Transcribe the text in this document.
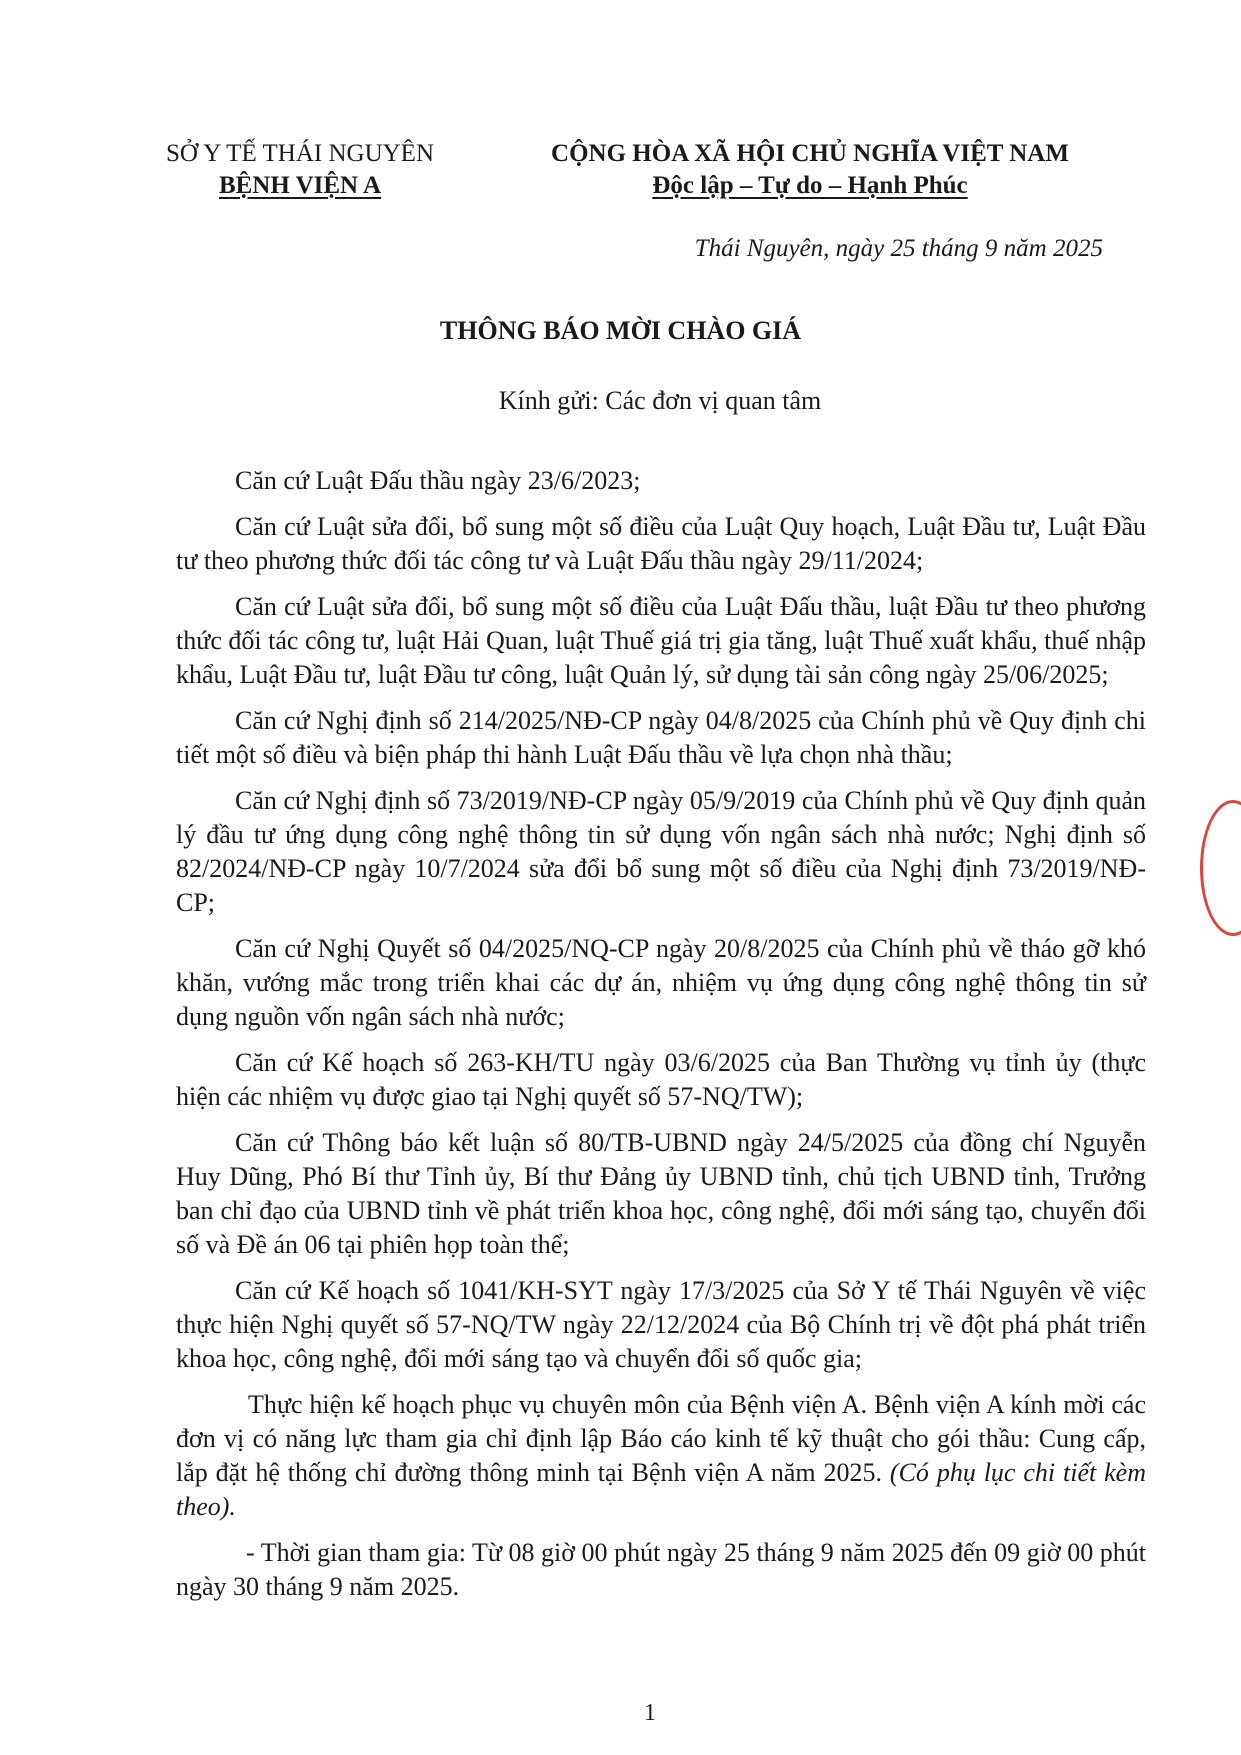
SỞ Y TẾ THÁI NGUYÊN
BỆNH VIỆN A
CỘNG HÒA XÃ HỘI CHỦ NGHĨA VIỆT NAM
Độc lập – Tự do – Hạnh Phúc
Thái Nguyên, ngày 25 tháng 9 năm 2025
THÔNG BÁO MỜI CHÀO GIÁ
Kính gửi: Các đơn vị quan tâm

Căn cứ Luật Đấu thầu ngày 23/6/2023;

Căn cứ Luật sửa đổi, bổ sung một số điều của Luật Quy hoạch, Luật Đầu tư, Luật Đầu tư theo phương thức đối tác công tư và Luật Đấu thầu ngày 29/11/2024;

Căn cứ Luật sửa đổi, bổ sung một số điều của Luật Đấu thầu, luật Đầu tư theo phương thức đối tác công tư, luật Hải Quan, luật Thuế giá trị gia tăng, luật Thuế xuất khẩu, thuế nhập khẩu, Luật Đầu tư, luật Đầu tư công, luật Quản lý, sử dụng tài sản công ngày 25/06/2025;

Căn cứ Nghị định số 214/2025/NĐ-CP ngày 04/8/2025 của Chính phủ về Quy định chi tiết một số điều và biện pháp thi hành Luật Đấu thầu về lựa chọn nhà thầu;

Căn cứ Nghị định số 73/2019/NĐ-CP ngày 05/9/2019 của Chính phủ về Quy định quản lý đầu tư ứng dụng công nghệ thông tin sử dụng vốn ngân sách nhà nước; Nghị định số 82/2024/NĐ-CP ngày 10/7/2024 sửa đổi bổ sung một số điều của Nghị định 73/2019/NĐ-CP;

Căn cứ Nghị Quyết số 04/2025/NQ-CP ngày 20/8/2025 của Chính phủ về tháo gỡ khó khăn, vướng mắc trong triển khai các dự án, nhiệm vụ ứng dụng công nghệ thông tin sử dụng nguồn vốn ngân sách nhà nước;

Căn cứ Kế hoạch số 263-KH/TU ngày 03/6/2025 của Ban Thường vụ tỉnh ủy (thực hiện các nhiệm vụ được giao tại Nghị quyết số 57-NQ/TW);

Căn cứ Thông báo kết luận số 80/TB-UBND ngày 24/5/2025 của đồng chí Nguyễn Huy Dũng, Phó Bí thư Tỉnh ủy, Bí thư Đảng ủy UBND tỉnh, chủ tịch UBND tỉnh, Trưởng ban chỉ đạo của UBND tỉnh về phát triển khoa học, công nghệ, đổi mới sáng tạo, chuyển đổi số và Đề án 06 tại phiên họp toàn thể;

Căn cứ Kế hoạch số 1041/KH-SYT ngày 17/3/2025 của Sở Y tế Thái Nguyên về việc thực hiện Nghị quyết số 57-NQ/TW ngày 22/12/2024 của Bộ Chính trị về đột phá phát triển khoa học, công nghệ, đổi mới sáng tạo và chuyển đổi số quốc gia;

Thực hiện kế hoạch phục vụ chuyên môn của Bệnh viện A. Bệnh viện A kính mời các đơn vị có năng lực tham gia chỉ định lập Báo cáo kinh tế kỹ thuật cho gói thầu: Cung cấp, lắp đặt hệ thống chỉ đường thông minh tại Bệnh viện A năm 2025. (Có phụ lục chi tiết kèm theo).

- Thời gian tham gia: Từ 08 giờ 00 phút ngày 25 tháng 9 năm 2025 đến 09 giờ 00 phút ngày 30 tháng 9 năm 2025.

1
